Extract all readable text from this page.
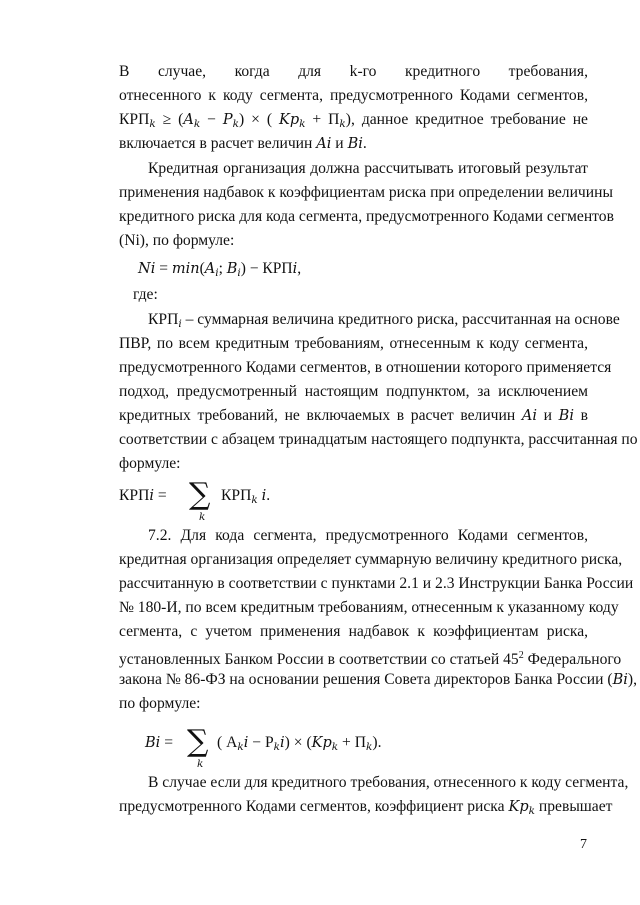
В случае, когда для k-го кредитного требования,
отнесенного к коду сегмента, предусмотренного Кодами сегментов,
$КРП_k \ge (A_k - P_k)$ × ( $Kp_k + П_k$), данное кредитное требование не
включается в расчет величин Ai и Bi.
Кредитная организация должна рассчитывать итоговый результат
применения надбавок к коэффициентам риска при определении величины
кредитного риска для кода сегмента, предусмотренного Кодами сегментов
(Ni), по формуле:
$Ni = \min(A_i$; $B_i$) − КРПi,
где:
$КРП_i$ – суммарная величина кредитного риска, рассчитанная на основе
ПВР, по всем кредитным требованиям, отнесенным к коду сегмента,
предусмотренного Кодами сегментов, в отношении которого применяется
подход, предусмотренный настоящим подпунктом, за исключением
кредитных требований, не включаемых в расчет величин Ai и Bi в
соответствии с абзацем тринадцатым настоящего подпункта, рассчитанная по
формуле:
КРПi = ∑
k
$КРП_k$ i.
7.2. Для кода сегмента, предусмотренного Кодами сегментов,
кредитная организация определяет суммарную величину кредитного риска,
рассчитанную в соответствии с пунктами 2.1 и 2.3 Инструкции Банка России
№ 180-И, по всем кредитным требованиям, отнесенным к указанному коду
сегмента, с учетом применения надбавок к коэффициентам риска,
установленных Банком России в соответствии со статьей $45^2$ Федерального
закона № 86-ФЗ на основании решения Совета директоров Банка России (Bi),
по формуле:
Bi = ∑
k
( $А_ki - Р_ki) \times (Kp_k + П_k)$.
В случае если для кредитного требования, отнесенного к коду сегмента,
предусмотренного Кодами сегментов, коэффициент риска $Kp_k$ превышает
7
